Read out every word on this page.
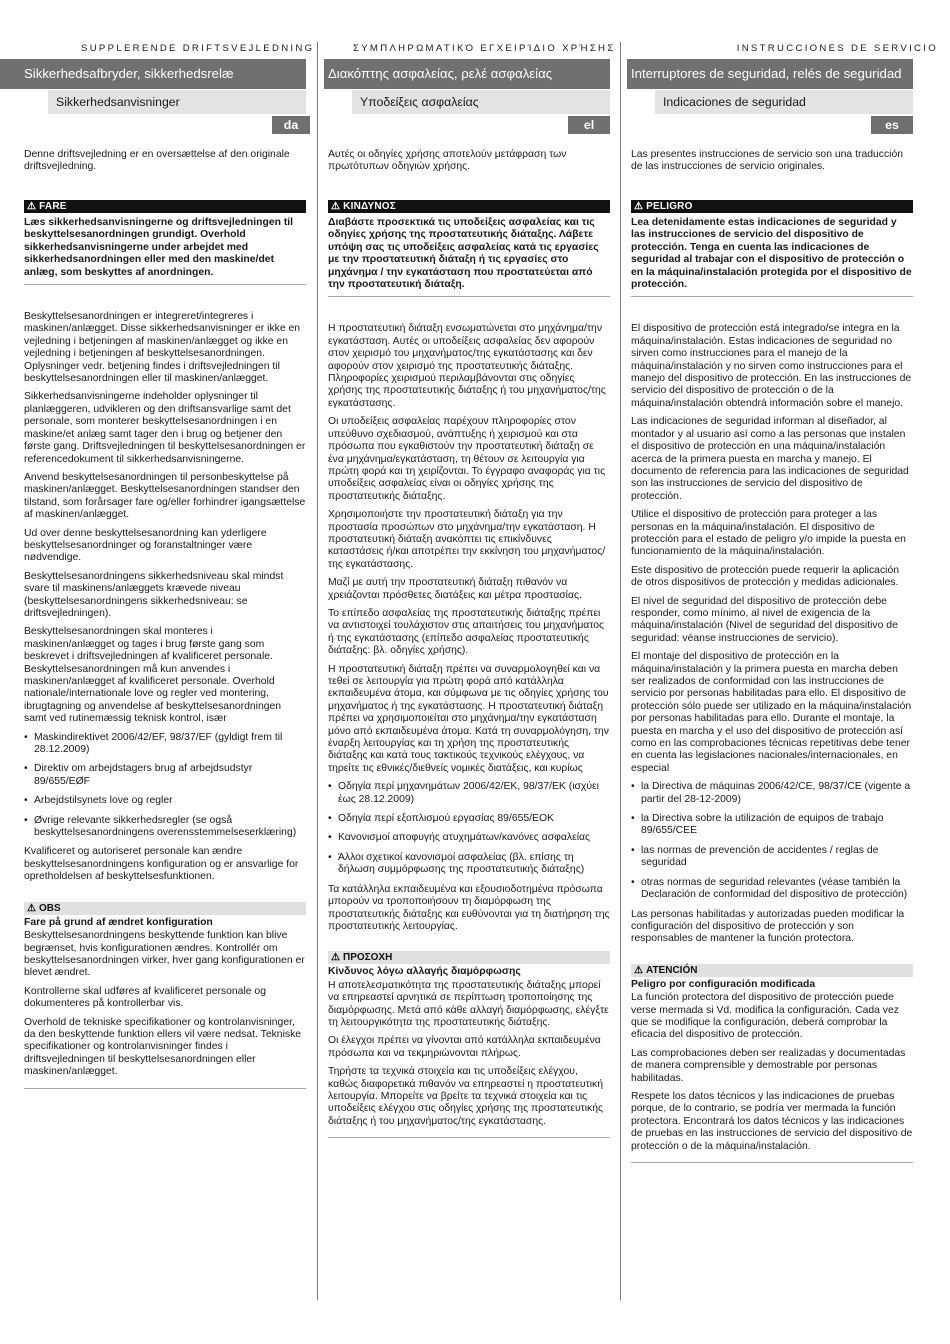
SUPPLERENDE DRIFTSVEJLEDNING
Sikkerhedsafbryder, sikkerhedsrelæ
Sikkerhedsanvisninger
da

Denne driftsvejledning er en oversættelse af den originale driftsvejledning.

⚠ FARE

Læs sikkerhedsanvisningerne og driftsvejledningen til beskyttelsesanordningen grundigt. Overhold sikkerhedsanvisningerne under arbejdet med sikkerhedsanordningen eller med den maskine/det anlæg, som beskyttes af anordningen.

Beskyttelsesanordningen er integreret/integreres i maskinen/anlægget. Disse sikkerhedsanvisninger er ikke en vejledning i betjeningen af maskinen/anlægget og ikke en vejledning i betjeningen af beskyttelsesanordningen. Oplysninger vedr. betjening findes i driftsvejledningen til beskyttelsesanordningen eller til maskinen/anlægget.

Sikkerhedsanvisningerne indeholder oplysninger til planlæggeren, udvikleren og den driftsansvarlige samt det personale, som monterer beskyttelsesanordningen i en maskine/et anlæg samt tager den i brug og betjener den første gang. Driftsvejledningen til beskyttelsesanordningen er referencedokument til sikkerhedsanvisningerne.

Anvend beskyttelsesanordningen til personbeskyttelse på maskinen/anlægget. Beskyttelsesanordningen standser den tilstand, som forårsager fare og/eller forhindrer igangsættelse af maskinen/anlægget.

Ud over denne beskyttelsesanordning kan yderligere beskyttelsesanordninger og foranstaltninger være nødvendige.

Beskyttelsesanordningens sikkerhedsniveau skal mindst svare til maskinens/anlæggets krævede niveau (beskyttelsesanordningens sikkerhedsniveau: se driftsvejledningen).

Beskyttelsesanordningen skal monteres i maskinen/anlægget og tages i brug første gang som beskrevet i driftsvejledningen af kvalificeret personale. Beskyttelsesanordningen må kun anvendes i maskinen/anlægget af kvalificeret personale. Overhold nationale/internationale love og regler ved montering, ibrugtagning og anvendelse af beskyttelsesanordningen samt ved rutinemæssig teknisk kontrol, især

• Maskindirektivet 2006/42/EF, 98/37/EF (gyldigt frem til 28.12.2009)
• Direktiv om arbejdstagers brug af arbejdsudstyr 89/655/EØF
• Arbejdstilsynets love og regler
• Øvrige relevante sikkerhedsregler (se også beskyttelsesanordningens overensstemmelseserklæring)

Kvalificeret og autoriseret personale kan ændre beskyttelsesanordningens konfiguration og er ansvarlige for opretholdelsen af beskyttelsesfunktionen.

⚠ OBS
Fare på grund af ændret konfiguration

Beskyttelsesanordningens beskyttende funktion kan blive begrænset, hvis konfigurationen ændres. Kontrollér om beskyttelsesanordningen virker, hver gang konfigurationen er blevet ændret.

Kontrollerne skal udføres af kvalificeret personale og dokumenteres på kontrollerbar vis.

Overhold de tekniske specifikationer og kontrolanvisninger, da den beskyttende funktion ellers vil være nedsat. Tekniske specifikationer og kontrolanvisninger findes i driftsvejledningen til beskyttelsesanordningen eller maskinen/anlægget.

ΣΥΜΠΛΗΡΩΜΑΤΙΚΌ ΕΓΧΕΙΡΊΔΙΟ ΧΡΉΣΗΣ
Διακόπτης ασφαλείας, ρελέ ασφαλείας
Υποδείξεις ασφαλείας
el

Αυτές οι οδηγίες χρήσης αποτελούν μετάφραση των πρωτότυπων οδηγιών χρήσης.

⚠ ΚΙΝΔΥΝΟΣ

Διαβάστε προσεκτικά τις υποδείξεις ασφαλείας και τις οδηγίες χρήσης της προστατευτικής διάταξης. Λάβετε υπόψη σας τις υποδείξεις ασφαλείας κατά τις εργασίες με την προστατευτική διάταξη ή τις εργασίες στο μηχάνημα / την εγκατάσταση που προστατεύεται από την προστατευτική διάταξη.

Η προστατευτική διάταξη ενσωματώνεται στο μηχάνημα/την εγκατάσταση. Αυτές οι υποδείξεις ασφαλείας δεν αφορούν στον χειρισμό του μηχανήματος/της εγκατάστασης και δεν αφορούν στον χειρισμό της προστατευτικής διάταξης. Πληροφορίες χειρισμού περιλαμβάνονται στις οδηγίες χρήσης της προστατευτικής διάταξης ή του μηχανήματος/της εγκατάστασης.

Οι υποδείξεις ασφαλείας παρέχουν πληροφορίες στον υπεύθυνο σχεδιασμού, ανάπτυξης ή χειρισμού και στα πρόσωπα που εγκαθιστούν την προστατευτική διάταξη σε ένα μηχάνημα/εγκατάσταση, τη θέτουν σε λειτουργία για πρώτη φορά και τη χειρίζονται. Το έγγραφο αναφοράς για τις υποδείξεις ασφαλείας είναι οι οδηγίες χρήσης της προστατευτικής διάταξης.

Χρησιμοποιήστε την προστατευτική διάταξη για την προστασία προσώπων στο μηχάνημα/την εγκατάσταση. Η προστατευτική διάταξη ανακόπτει τις επικίνδυνες καταστάσεις ή/και αποτρέπει την εκκίνηση του μηχανήματος/της εγκατάστασης.

Μαζί με αυτή την προστατευτική διάταξη πιθανόν να χρειάζονται πρόσθετες διατάξεις και μέτρα προστασίας.

Το επίπεδο ασφαλείας της προστατευτικής διάταξης πρέπει να αντιστοιχεί τουλάχιστον στις απαιτήσεις του μηχανήματος ή της εγκατάστασης (επίπεδο ασφαλείας προστατευτικής διάταξης: βλ. οδηγίες χρήσης).

Η προστατευτική διάταξη πρέπει να συναρμολογηθεί και να τεθεί σε λειτουργία για πρώτη φορά από κατάλληλα εκπαιδευμένα άτομα, και σύμφωνα με τις οδηγίες χρήσης του μηχανήματος ή της εγκατάστασης. Η προστατευτική διάταξη πρέπει να χρησιμοποιείται στο μηχάνημα/την εγκατάσταση μόνο από εκπαιδευμένα άτομα. Κατά τη συναρμολόγηση, την έναρξη λειτουργίας και τη χρήση της προστατευτικής διάταξης και κατά τους τακτικούς τεχνικούς ελέγχους, να τηρείτε τις εθνικές/διεθνείς νομικές διατάξεις, και κυρίως

• Οδηγία περί μηχανημάτων 2006/42/ΕΚ, 98/37/ΕΚ (ισχύει έως 28.12.2009)
• Οδηγία περί εξοπλισμού εργασίας 89/655/ΕΟΚ
• Κανονισμοί αποφυγής ατυχημάτων/κανόνες ασφαλείας
• Άλλοι σχετικοί κανονισμοί ασφαλείας (βλ. επίσης τη δήλωση συμμόρφωσης της προστατευτικής διάταξης)

Τα κατάλληλα εκπαιδευμένα και εξουσιοδοτημένα πρόσωπα μπορούν να τροποποιήσουν τη διαμόρφωση της προστατευτικής διάταξης και ευθύνονται για τη διατήρηση της προστατευτικής λειτουργίας.

⚠ ΠΡΟΣΟΧΗ
Κίνδυνος λόγω αλλαγής διαμόρφωσης

Η αποτελεσματικότητα της προστατευτικής διάταξης μπορεί να επηρεαστεί αρνητικά σε περίπτωση τροποποίησης της διαμόρφωσης. Μετά από κάθε αλλαγή διαμόρφωσης, ελέγξτε τη λειτουργικότητα της προστατευτικής διάταξης.

Οι έλεγχοι πρέπει να γίνονται από κατάλληλα εκπαιδευμένα πρόσωπα και να τεκμηριώνονται πλήρως.

Τηρήστε τα τεχνικά στοιχεία και τις υποδείξεις ελέγχου, καθώς διαφορετικά πιθανόν να επηρεαστεί η προστατευτική λειτουργία. Μπορείτε να βρείτε τα τεχνικά στοιχεία και τις υποδείξεις ελέγχου στις οδηγίες χρήσης της προστατευτικής διάταξης ή του μηχανήματος/της εγκατάστασης.

INSTRUCCIONES DE SERVICIO
Interruptores de seguridad, relés de seguridad
Indicaciones de seguridad
es

Las presentes instrucciones de servicio son una traducción de las instrucciones de servicio originales.

⚠ PELIGRO

Lea detenidamente estas indicaciones de seguridad y las instrucciones de servicio del dispositivo de protección. Tenga en cuenta las indicaciones de seguridad al trabajar con el dispositivo de protección o en la máquina/instalación protegida por el dispositivo de protección.

El dispositivo de protección está integrado/se integra en la máquina/instalación. Estas indicaciones de seguridad no sirven como instrucciones para el manejo de la máquina/instalación y no sirven como instrucciones para el manejo del dispositivo de protección. En las instrucciones de servicio del dispositivo de protección o de la máquina/instalación obtendrá información sobre el manejo.

Las indicaciones de seguridad informan al diseñador, al montador y al usuario así como a las personas que instalen el dispositivo de protección en una máquina/instalación acerca de la primera puesta en marcha y manejo. El documento de referencia para las indicaciones de seguridad son las instrucciones de servicio del dispositivo de protección.

Utilice el dispositivo de protección para proteger a las personas en la máquina/instalación. El dispositivo de protección para el estado de peligro y/o impide la puesta en funcionamiento de la máquina/instalación.

Este dispositivo de protección puede requerir la aplicación de otros dispositivos de protección y medidas adicionales.

El nivel de seguridad del dispositivo de protección debe responder, como mínimo, al nivel de exigencia de la máquina/instalación (Nivel de seguridad del dispositivo de seguridad: véanse instrucciones de servicio).

El montaje del dispositivo de protección en la máquina/instalación y la primera puesta en marcha deben ser realizados de conformidad con las instrucciones de servicio por personas habilitadas para ello. El dispositivo de protección sólo puede ser utilizado en la máquina/instalación por personas habilitadas para ello. Durante el montaje, la puesta en marcha y el uso del dispositivo de protección así como en las comprobaciones técnicas repetitivas debe tener en cuenta las legislaciones nacionales/internacionales, en especial

• la Directiva de máquinas 2006/42/CE, 98/37/CE (vigente a partir del 28-12-2009)
• la Directiva sobre la utilización de equipos de trabajo 89/655/CEE
• las normas de prevención de accidentes / reglas de seguridad
• otras normas de seguridad relevantes (véase también la Declaración de conformidad del dispositivo de protección)

Las personas habilitadas y autorizadas pueden modificar la configuración del dispositivo de protección y son responsables de mantener la función protectora.

⚠ ATENCIÓN
Peligro por configuración modificada

La función protectora del dispositivo de protección puede verse mermada si Vd. modifica la configuración. Cada vez que se modifique la configuración, deberá comprobar la eficacia del dispositivo de protección.

Las comprobaciones deben ser realizadas y documentadas de manera comprensible y demostrable por personas habilitadas.

Respete los datos técnicos y las indicaciones de pruebas porque, de lo contrario, se podría ver mermada la función protectora. Encontrará los datos técnicos y las indicaciones de pruebas en las instrucciones de servicio del dispositivo de protección o de la máquina/instalación.
